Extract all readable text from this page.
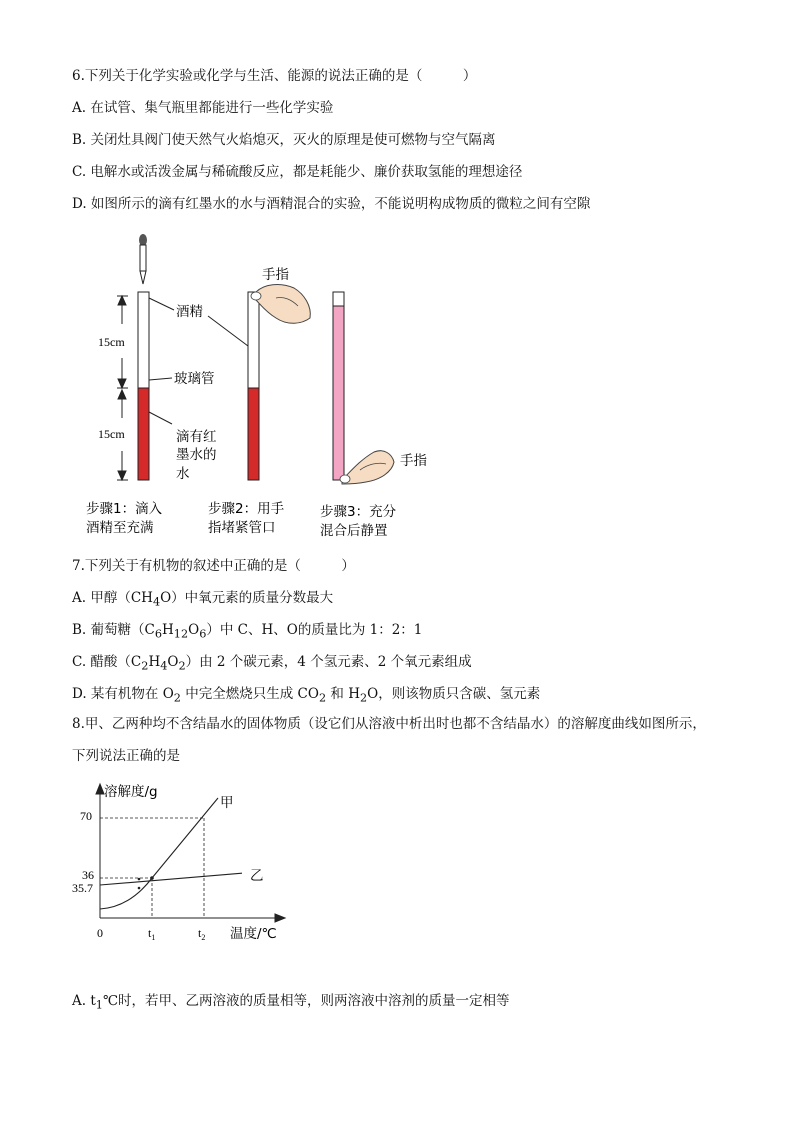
6.下列关于化学实验或化学与生活、能源的说法正确的是（　　　）
A. 在试管、集气瓶里都能进行一些化学实验
B. 关闭灶具阀门使天然气火焰熄灭，灭火的原理是使可燃物与空气隔离
C. 电解水或活泼金属与稀硫酸反应，都是耗能少、廉价获取氢能的理想途径
D. 如图所示的滴有红墨水的水与酒精混合的实验，不能说明构成物质的微粒之间有空隙
15cm
15cm
酒精
玻璃管
滴有红
墨水的
水
手指
手指
步骤1：滴入
酒精至充满
步骤2：用手
指堵紧管口
步骤3：充分
混合后静置
7.下列关于有机物的叙述中正确的是（　　　）
A. 甲醇$(CH_4O)$中氧元素的质量分数最大
B. 葡萄糖$(C_6H_{12}O_6)$中 C、H、O的质量比为 1：2：1
C. 醋酸$(C_2H_4O_2)$由 2 个碳元素，4 个氢元素、2 个氧元素组成
D. 某有机物在 $O_2$ 中完全燃烧只生成 $CO_2$ 和 $H_2O$，则该物质只含碳、氢元素
8.甲、乙两种均不含结晶水的固体物质（设它们从溶液中析出时也都不含结晶水）的溶解度曲线如图所示，
下列说法正确的是
溶解度/g
温度/℃
0
70
36
35.7
$t_1$	$t_2$
甲
乙
A. $t_1℃$时，若甲、乙两溶液的质量相等，则两溶液中溶剂的质量一定相等
